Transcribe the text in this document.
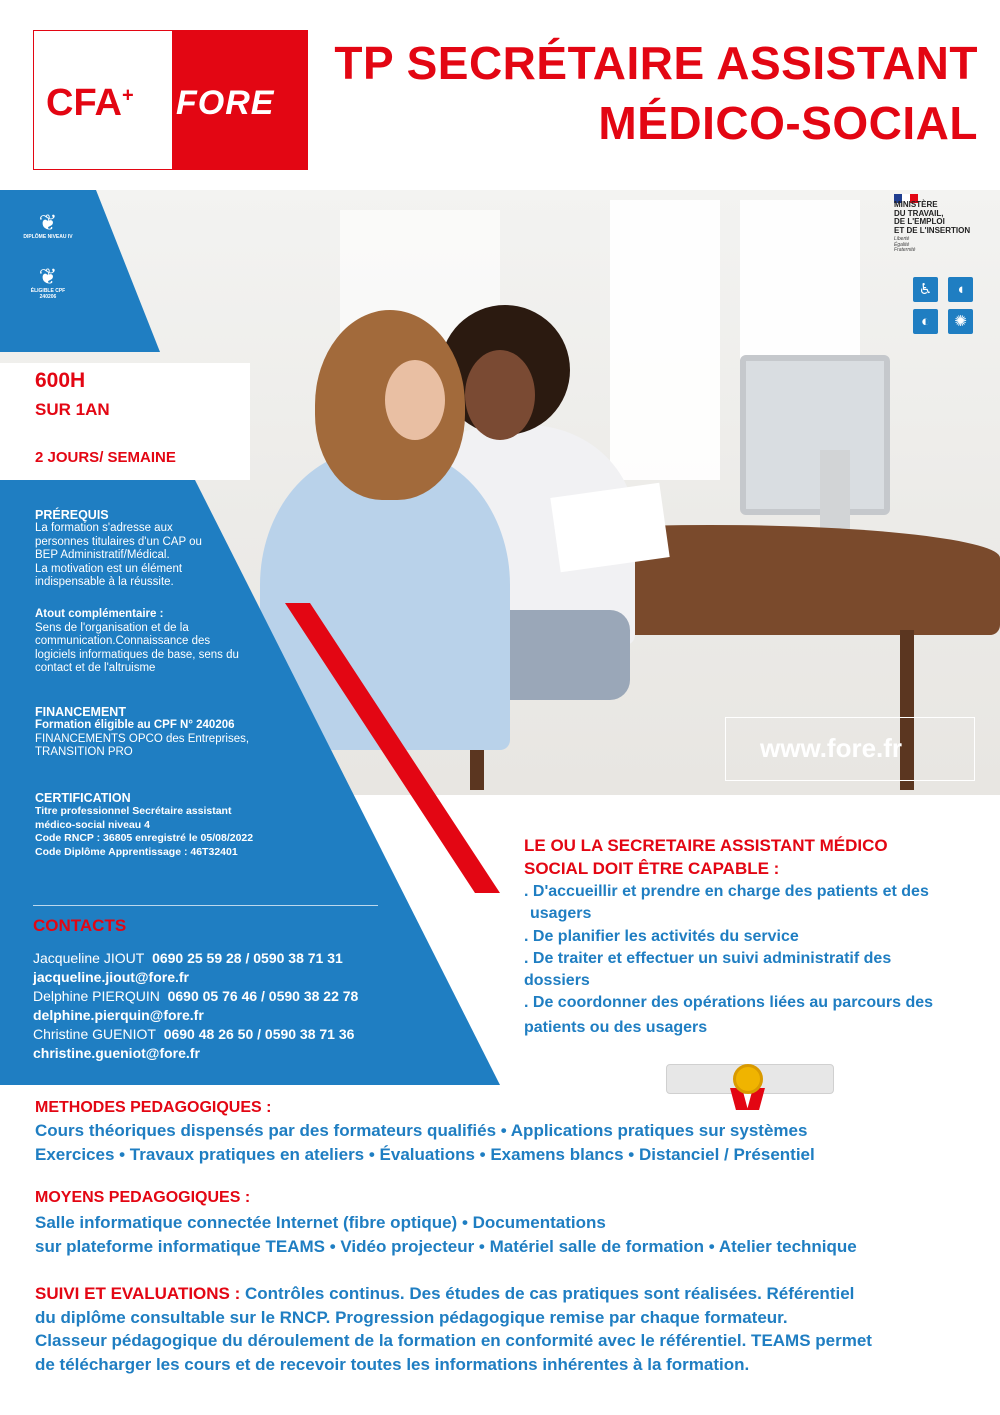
CFA+ FORE
TP SECRÉTAIRE ASSISTANT
MÉDICO-SOCIAL
❦
DIPLÔME NIVEAU IV
❦
ÉLIGIBLE CPF 240206
MINISTÈRE
DU TRAVAIL,
DE L'EMPLOI
ET DE L'INSERTION
Liberté
Égalité
Fraternité
♿	◖
◐	✺
600H
SUR 1AN
2 JOURS/ SEMAINE
PRÉREQUIS
La formation s'adresse aux
personnes titulaires d'un CAP ou
BEP Administratif/Médical.
La motivation est un élément
indispensable à la réussite.
Atout complémentaire :
Sens de l'organisation et de la
communication.Connaissance des
logiciels informatiques de base, sens du
contact et de l'altruisme
FINANCEMENT
Formation éligible au CPF N° 240206
FINANCEMENTS OPCO des Entreprises,
TRANSITION PRO
CERTIFICATION
Titre professionnel Secrétaire assistant
médico-social niveau 4
Code RNCP : 36805 enregistré le 05/08/2022
Code Diplôme Apprentissage : 46T32401
CONTACTS
Jacqueline JIOUT 0690 25 59 28 / 0590 38 71 31
jacqueline.jiout@fore.fr
Delphine PIERQUIN 0690 05 76 46 / 0590 38 22 78
delphine.pierquin@fore.fr
Christine GUENIOT 0690 48 26 50 / 0590 38 71 36
christine.gueniot@fore.fr
www.fore.fr
LE OU LA SECRETAIRE ASSISTANT MÉDICO
SOCIAL DOIT ÊTRE CAPABLE :
. D'accueillir et prendre en charge des patients et des
usagers
. De planifier les activités du service
. De traiter et effectuer un suivi administratif des
dossiers
. De coordonner des opérations liées au parcours des
patients ou des usagers
METHODES PEDAGOGIQUES :
Cours théoriques dispensés par des formateurs qualifiés • Applications pratiques sur systèmes
Exercices • Travaux pratiques en ateliers • Évaluations • Examens blancs • Distanciel / Présentiel
MOYENS PEDAGOGIQUES :
Salle informatique connectée Internet (fibre optique) • Documentations
sur plateforme informatique TEAMS • Vidéo projecteur • Matériel salle de formation • Atelier technique
SUIVI ET EVALUATIONS : Contrôles continus. Des études de cas pratiques sont réalisées. Référentiel
du diplôme consultable sur le RNCP. Progression pédagogique remise par chaque formateur.
Classeur pédagogique du déroulement de la formation en conformité avec le référentiel. TEAMS permet
de télécharger les cours et de recevoir toutes les informations inhérentes à la formation.
